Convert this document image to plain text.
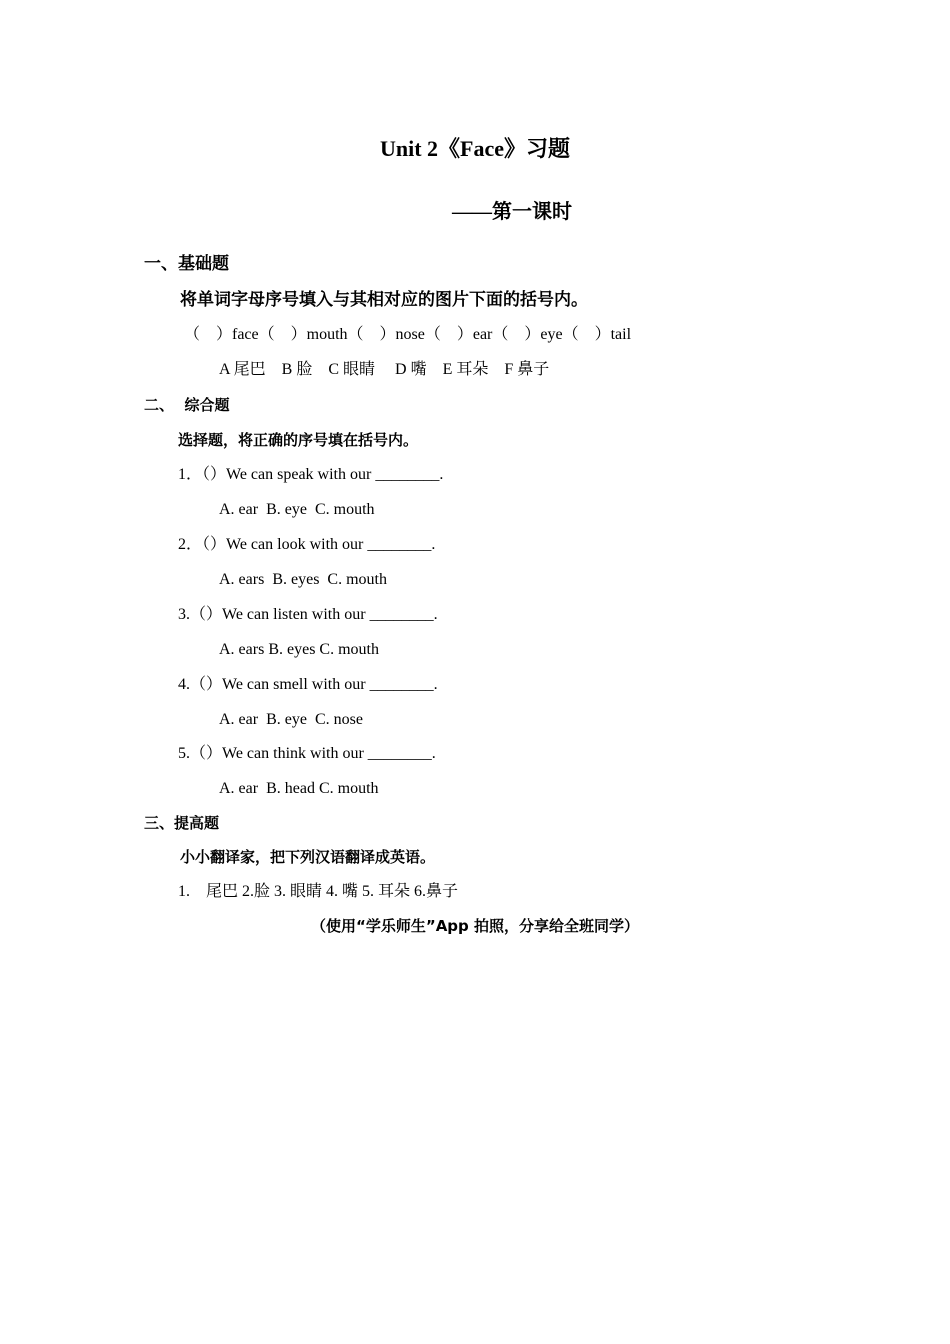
Unit 2《Face》习题
——第一课时
一、基础题
将单词字母序号填入与其相对应的图片下面的括号内。
（　）face（　）mouth（　）nose（　）ear（　）eye（　）tail
A 尾巴　B 脸　C 眼睛　 D 嘴　E 耳朵　F 鼻子
二、  综合题
选择题，将正确的序号填在括号内。
1．（）We can speak with our ________.
A. ear  B. eye  C. mouth
2．（）We can look with our ________.
A. ears  B. eyes  C. mouth
3.（）We can listen with our ________.
A. ears B. eyes C. mouth
4.（）We can smell with our ________.
A. ear  B. eye  C. nose
5.（）We can think with our ________.
A. ear  B. head C. mouth
三、提高题
小小翻译家，把下列汉语翻译成英语。
1.    尾巴 2.脸 3. 眼睛 4. 嘴 5. 耳朵 6.鼻子
（使用“学乐师生”App 拍照，分享给全班同学）
